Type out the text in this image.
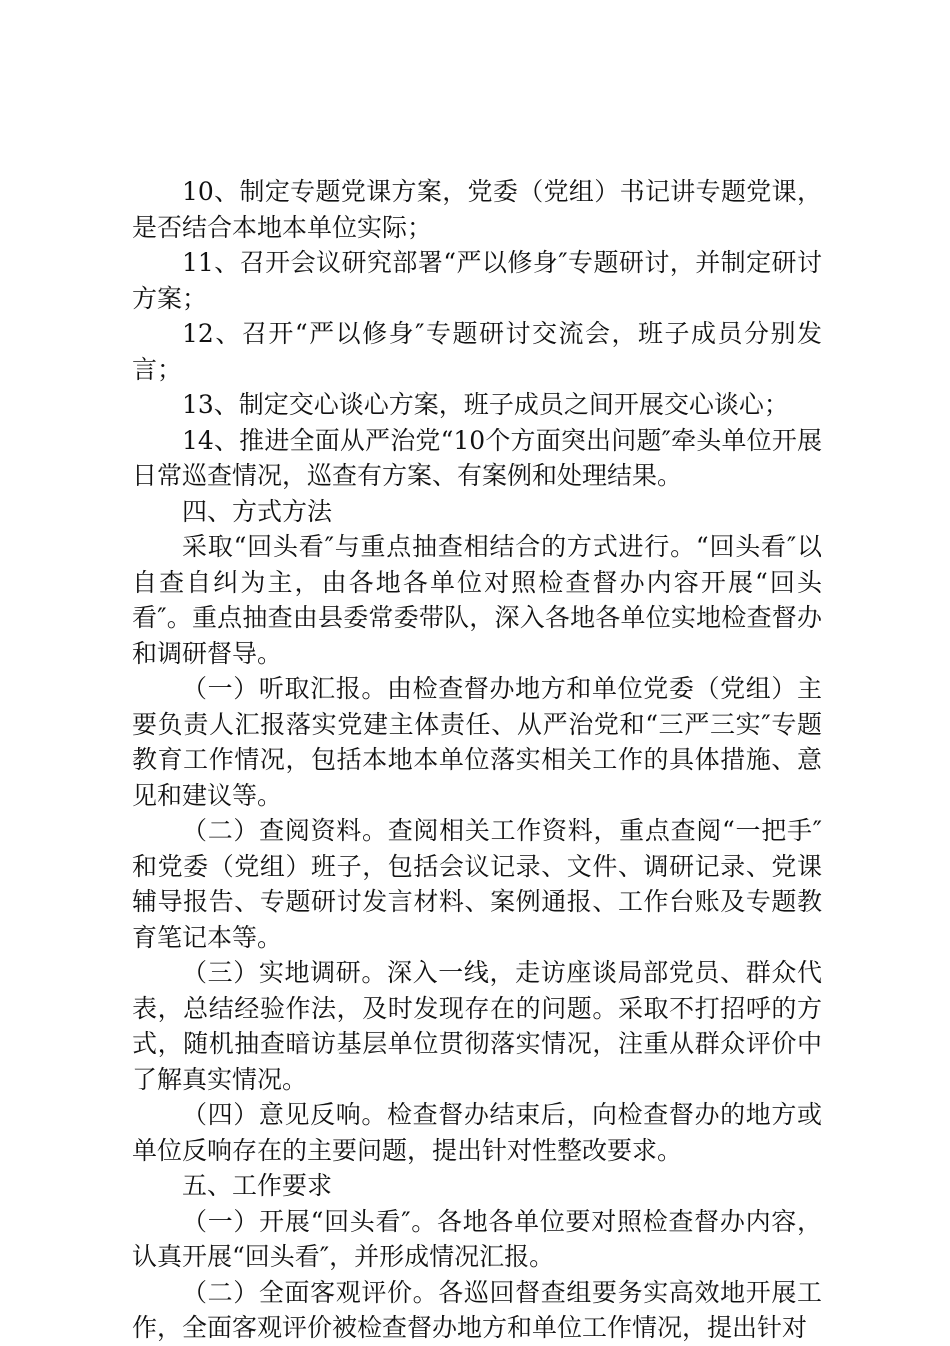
10、制定专题党课方案，党委（党组）书记讲专题党课，是否结合本地本单位实际；

11、召开会议研究部署“严以修身″专题研讨，并制定研讨方案；

12、召开“严以修身″专题研讨交流会，班子成员分别发言；

13、制定交心谈心方案，班子成员之间开展交心谈心；

14、推进全面从严治党“10个方面突出问题″牵头单位开展日常巡查情况，巡查有方案、有案例和处理结果。

四、方式方法

采取“回头看″与重点抽查相结合的方式进行。“回头看″以自查自纠为主，由各地各单位对照检查督办内容开展“回头看″。重点抽查由县委常委带队，深入各地各单位实地检查督办和调研督导。

（一）听取汇报。由检查督办地方和单位党委（党组）主要负责人汇报落实党建主体责任、从严治党和“三严三实″专题教育工作情况，包括本地本单位落实相关工作的具体措施、意见和建议等。

（二）查阅资料。查阅相关工作资料，重点查阅“一把手″和党委（党组）班子，包括会议记录、文件、调研记录、党课辅导报告、专题研讨发言材料、案例通报、工作台账及专题教育笔记本等。

（三）实地调研。深入一线，走访座谈局部党员、群众代表，总结经验作法，及时发现存在的问题。采取不打招呼的方式，随机抽查暗访基层单位贯彻落实情况，注重从群众评价中了解真实情况。

（四）意见反响。检查督办结束后，向检查督办的地方或单位反响存在的主要问题，提出针对性整改要求。

五、工作要求

（一）开展“回头看″。各地各单位要对照检查督办内容，认真开展“回头看″，并形成情况汇报。

（二）全面客观评价。各巡回督查组要务实高效地开展工作，全面客观评价被检查督办地方和单位工作情况，提出针对
